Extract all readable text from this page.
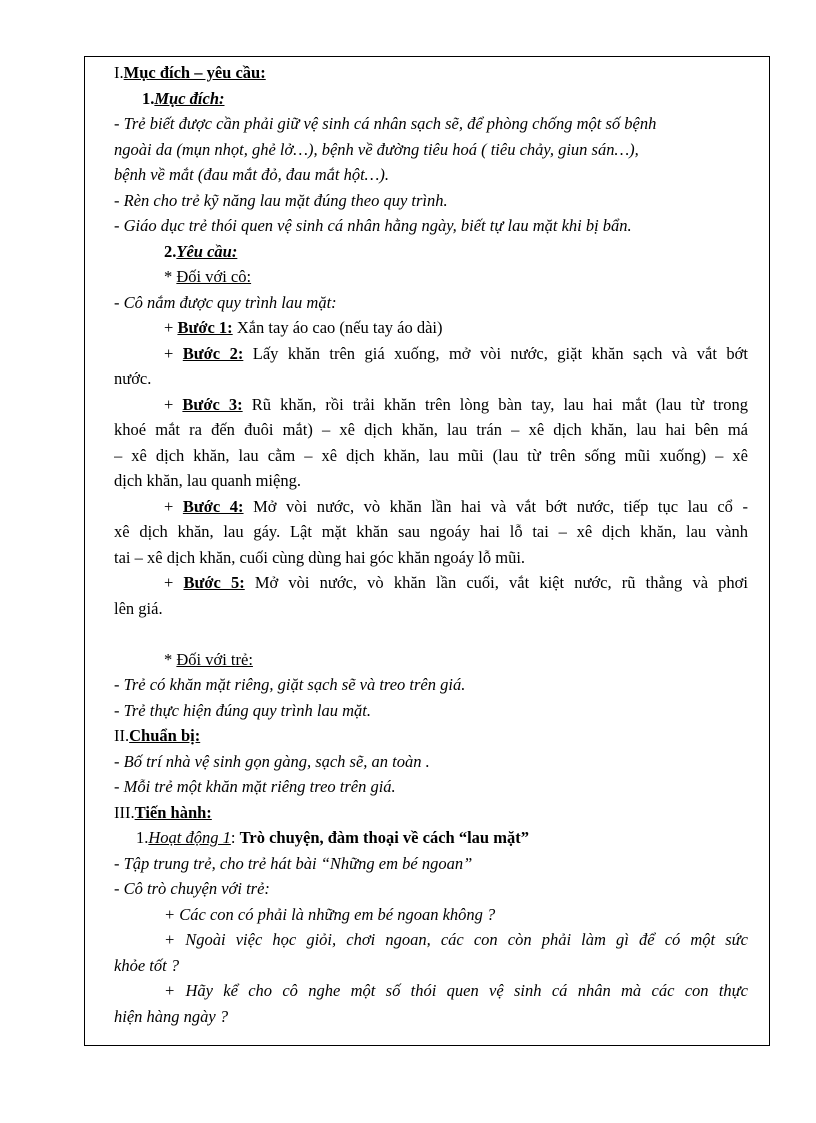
I.Mục đích – yêu cầu:
1.Mục đích:
- Trẻ biết được cần phải giữ vệ sinh cá nhân sạch sẽ, để phòng chống một số bệnh
ngoài da (mụn nhọt, ghẻ lở…), bệnh về đường tiêu hoá ( tiêu chảy, giun sán…),
bệnh về mắt (đau mắt đỏ, đau mắt hột…).
- Rèn cho trẻ kỹ năng lau mặt đúng theo quy trình.
- Giáo dục trẻ thói quen vệ sinh cá nhân hằng ngày, biết tự lau mặt khi bị bẩn.
2.Yêu cầu:
* Đối với cô:
- Cô nắm được quy trình lau mặt:
+ Bước 1: Xắn tay áo cao (nếu tay áo dài)
+ Bước 2: Lấy khăn trên giá xuống, mở vòi nước, giặt khăn sạch và vắt bớt
nước.
+ Bước 3: Rũ khăn, rồi trải khăn trên lòng bàn tay, lau hai mắt (lau từ trong
khoé mắt ra đến đuôi mắt) – xê dịch khăn, lau trán – xê dịch khăn, lau hai bên má
– xê dịch khăn, lau cằm – xê dịch khăn, lau mũi (lau từ trên sống mũi xuống) – xê
dịch khăn, lau quanh miệng.
+ Bước 4: Mở vòi nước, vò khăn lần hai và vắt bớt nước, tiếp tục lau cổ -
xê dịch khăn, lau gáy. Lật mặt khăn sau ngoáy hai lỗ tai – xê dịch khăn, lau vành
tai – xê dịch khăn, cuối cùng dùng hai góc khăn ngoáy lỗ mũi.
+ Bước 5: Mở vòi nước, vò khăn lần cuối, vắt kiệt nước, rũ thẳng và phơi
lên giá.
* Đối với trẻ:
- Trẻ có khăn mặt riêng, giặt sạch sẽ và treo trên giá.
- Trẻ thực hiện đúng quy trình lau mặt.
II.Chuẩn bị:
- Bố trí nhà vệ sinh gọn gàng, sạch sẽ, an toàn .
- Mỗi trẻ một khăn mặt riêng treo trên giá.
III.Tiến hành:
1.Hoạt động 1: Trò chuyện, đàm thoại về cách “lau mặt”
- Tập trung trẻ, cho trẻ hát bài “Những em bé ngoan”
- Cô trò chuyện với trẻ:
+ Các con có phải là những em bé ngoan không ?
+ Ngoài việc học giỏi, chơi ngoan, các con còn phải làm gì để có một sức
khỏe tốt ?
+ Hãy kể cho cô nghe một số thói quen vệ sinh cá nhân mà các con thực
hiện hàng ngày ?
